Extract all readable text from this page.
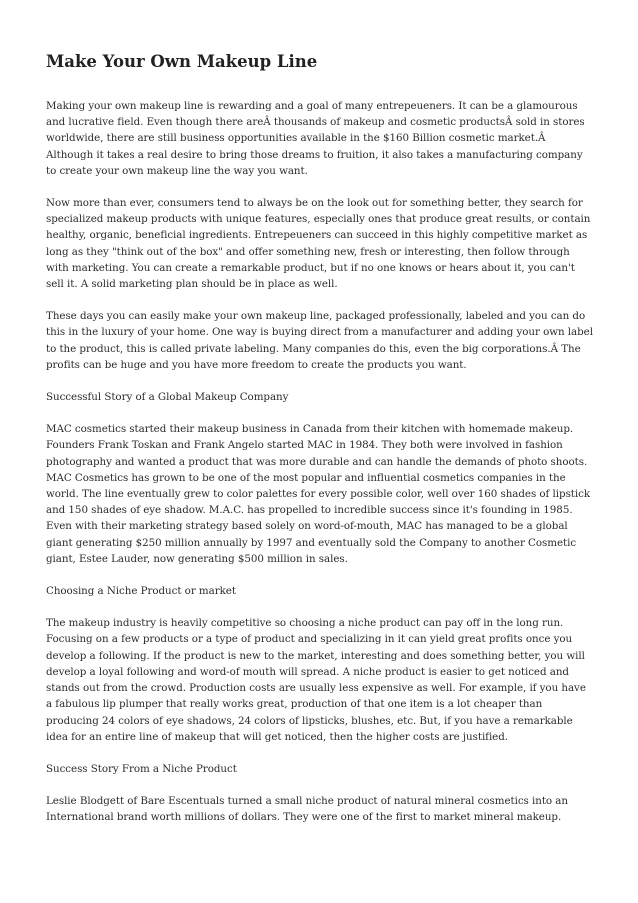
Make Your Own Makeup Line

Making your own makeup line is rewarding and a goal of many entrepeueners. It can be a glamourous and lucrative field. Even though there areÂ thousands of makeup and cosmetic productsÂ sold in stores worldwide, there are still business opportunities available in the $160 Billion cosmetic market.Â Although it takes a real desire to bring those dreams to fruition, it also takes a manufacturing company to create your own makeup line the way you want.

Now more than ever, consumers tend to always be on the look out for something better, they search for specialized makeup products with unique features, especially ones that produce great results, or contain healthy, organic, beneficial ingredients. Entrepeueners can succeed in this highly competitive market as long as they "think out of the box" and offer something new, fresh or interesting, then follow through with marketing. You can create a remarkable product, but if no one knows or hears about it, you can't sell it. A solid marketing plan should be in place as well.

These days you can easily make your own makeup line, packaged professionally, labeled and you can do this in the luxury of your home. One way is buying direct from a manufacturer and adding your own label to the product, this is called private labeling. Many companies do this, even the big corporations.Â The profits can be huge and you have more freedom to create the products you want.

Successful Story of a Global Makeup Company

MAC cosmetics started their makeup business in Canada from their kitchen with homemade makeup. Founders Frank Toskan and Frank Angelo started MAC in 1984. They both were involved in fashion photography and wanted a product that was more durable and can handle the demands of photo shoots. MAC Cosmetics has grown to be one of the most popular and influential cosmetics companies in the world. The line eventually grew to color palettes for every possible color, well over 160 shades of lipstick and 150 shades of eye shadow. M.A.C. has propelled to incredible success since it's founding in 1985. Even with their marketing strategy based solely on word-of-mouth, MAC has managed to be a global giant generating $250 million annually by 1997 and eventually sold the Company to another Cosmetic giant, Estee Lauder, now generating $500 million in sales.

Choosing a Niche Product or market

The makeup industry is heavily competitive so choosing a niche product can pay off in the long run. Focusing on a few products or a type of product and specializing in it can yield great profits once you develop a following. If the product is new to the market, interesting and does something better, you will develop a loyal following and word-of mouth will spread. A niche product is easier to get noticed and stands out from the crowd. Production costs are usually less expensive as well. For example, if you have a fabulous lip plumper that really works great, production of that one item is a lot cheaper than producing 24 colors of eye shadows, 24 colors of lipsticks, blushes, etc. But, if you have a remarkable idea for an entire line of makeup that will get noticed, then the higher costs are justified.

Success Story From a Niche Product

Leslie Blodgett of Bare Escentuals turned a small niche product of natural mineral cosmetics into an International brand worth millions of dollars. They were one of the first to market mineral makeup.
